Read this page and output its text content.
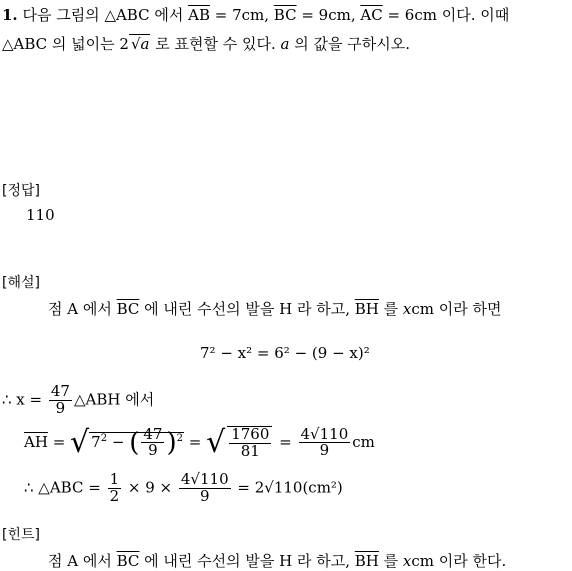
1. 다음 그림의 △ABC 에서 $\overline{AB} = 7cm$, $\overline{BC} = 9cm$, $\overline{AC} = 6cm$ 이다. 이때
△ABC 의 넓이는 2 √a 로 표현할 수 있다. a 의 값을 구하시오.
[정답]
110
[해설]
점 A 에서 $\overline{BC}$ 에 내린 수선의 발을 H 라 하고, $\overline{BH}$ 를 xcm 이라 하면
7² − x² = 6² − (9 − x)²
∴ $x = \frac{47}{9}$ △ABH 에서
$\overline{AH}$ = √ $7^2$ − ( $\frac{47}{9} )^2$ = √ $\frac{1760}{81} = \frac{4√110}{9}$ cm
∴ △ABC = $\frac{1}{2} \times 9 \times \frac{4√110}{9} = 2√110(cm^2)$
[힌트]
점 A 에서 $\overline{BC}$ 에 내린 수선의 발을 H 라 하고, $\overline{BH}$ 를 xcm 이라 한다.
